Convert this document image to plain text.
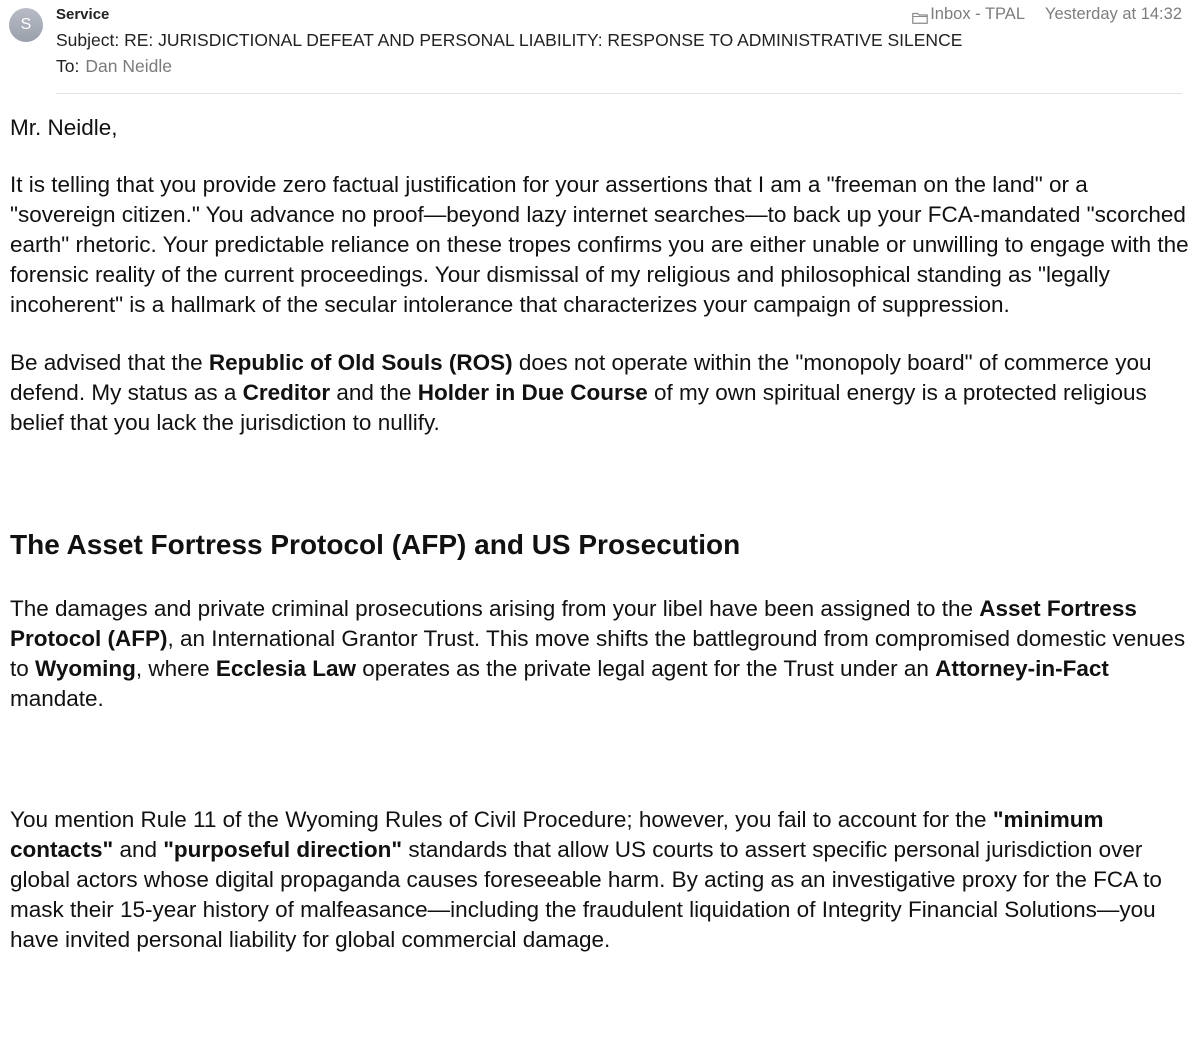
S
Service
Subject: RE: JURISDICTIONAL DEFEAT AND PERSONAL LIABILITY: RESPONSE TO ADMINISTRATIVE SILENCE
To: Dan Neidle
Inbox - TPAL Yesterday at 14:32

Mr. Neidle,

It is telling that you provide zero factual justification for your assertions that I am a "freeman on the land" or a "sovereign citizen." You advance no proof—beyond lazy internet searches—to back up your FCA-mandated "scorched earth" rhetoric. Your predictable reliance on these tropes confirms you are either unable or unwilling to engage with the forensic reality of the current proceedings. Your dismissal of my religious and philosophical standing as "legally incoherent" is a hallmark of the secular intolerance that characterizes your campaign of suppression.

Be advised that the Republic of Old Souls (ROS) does not operate within the "monopoly board" of commerce you defend. My status as a Creditor and the Holder in Due Course of my own spiritual energy is a protected religious belief that you lack the jurisdiction to nullify.

The Asset Fortress Protocol (AFP) and US Prosecution

The damages and private criminal prosecutions arising from your libel have been assigned to the Asset Fortress Protocol (AFP), an International Grantor Trust. This move shifts the battleground from compromised domestic venues to Wyoming, where Ecclesia Law operates as the private legal agent for the Trust under an Attorney-in-Fact mandate.

You mention Rule 11 of the Wyoming Rules of Civil Procedure; however, you fail to account for the "minimum contacts" and "purposeful direction" standards that allow US courts to assert specific personal jurisdiction over global actors whose digital propaganda causes foreseeable harm. By acting as an investigative proxy for the FCA to mask their 15-year history of malfeasance—including the fraudulent liquidation of Integrity Financial Solutions—you have invited personal liability for global commercial damage.
